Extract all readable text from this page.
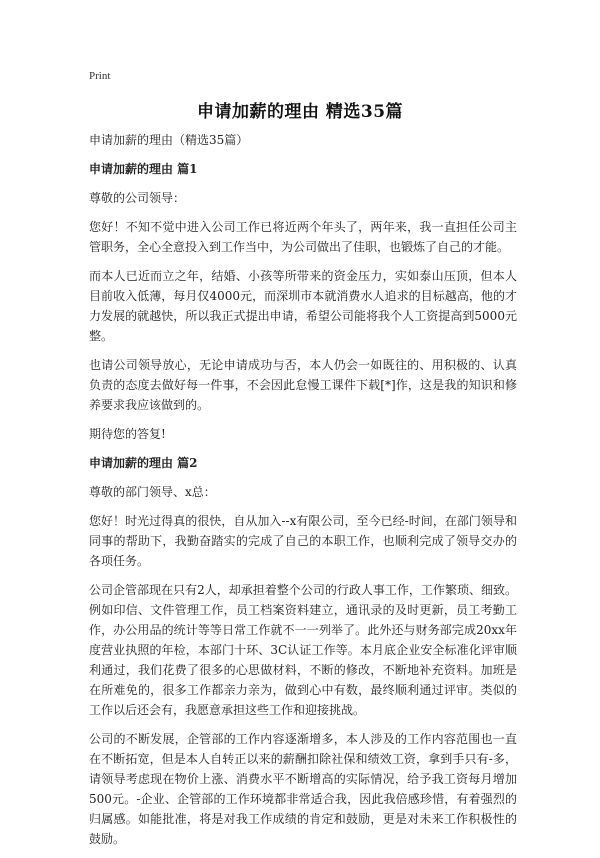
Print
申请加薪的理由 精选35篇

申请加薪的理由（精选35篇）

申请加薪的理由 篇1

尊敬的公司领导：

您好！不知不觉中进入公司工作已将近两个年头了，两年来，我一直担任公司主管职务，全心全意投入到工作当中，为公司做出了佳职，也锻炼了自己的才能。

而本人已近而立之年，结婚、小孩等所带来的资金压力，实如泰山压顶，但本人目前收入低薄，每月仅4000元，而深圳市本就消费水人追求的目标越高，他的才力发展的就越快，所以我正式提出申请，希望公司能将我个人工资提高到5000元整。

也请公司领导放心，无论申请成功与否，本人仍会一如既往的、用积极的、认真负责的态度去做好每一件事，不会因此怠慢工课件下载[*]作，这是我的知识和修养要求我应该做到的。

期待您的答复!

申请加薪的理由 篇2

尊敬的部门领导、x总：

您好！时光过得真的很快，自从加入--x有限公司，至今已经-时间，在部门领导和同事的帮助下，我勤奋踏实的完成了自己的本职工作，也顺利完成了领导交办的各项任务。

公司企管部现在只有2人，却承担着整个公司的行政人事工作，工作繁琐、细致。例如印信、文件管理工作，员工档案资料建立，通讯录的及时更新，员工考勤工作，办公用品的统计等等日常工作就不一一列举了。此外还与财务部完成20xx年度营业执照的年检，本部门十环、3C认证工作等。本月底企业安全标准化评审顺利通过，我们花费了很多的心思做材料，不断的修改，不断地补充资料。加班是在所难免的，很多工作都亲力亲为，做到心中有数，最终顺利通过评审。类似的工作以后还会有，我愿意承担这些工作和迎接挑战。

公司的不断发展，企管部的工作内容逐渐增多，本人涉及的工作内容范围也一直在不断拓宽，但是本人自转正以来的薪酬扣除社保和绩效工资，拿到手只有-多，请领导考虑现在物价上涨、消费水平不断增高的实际情况，给予我工资每月增加500元。-企业、企管部的工作环境都非常适合我，因此我倍感珍惜，有着强烈的归属感。如能批准，将是对我工作成绩的肯定和鼓励，更是对未来工作积极性的鼓励。
